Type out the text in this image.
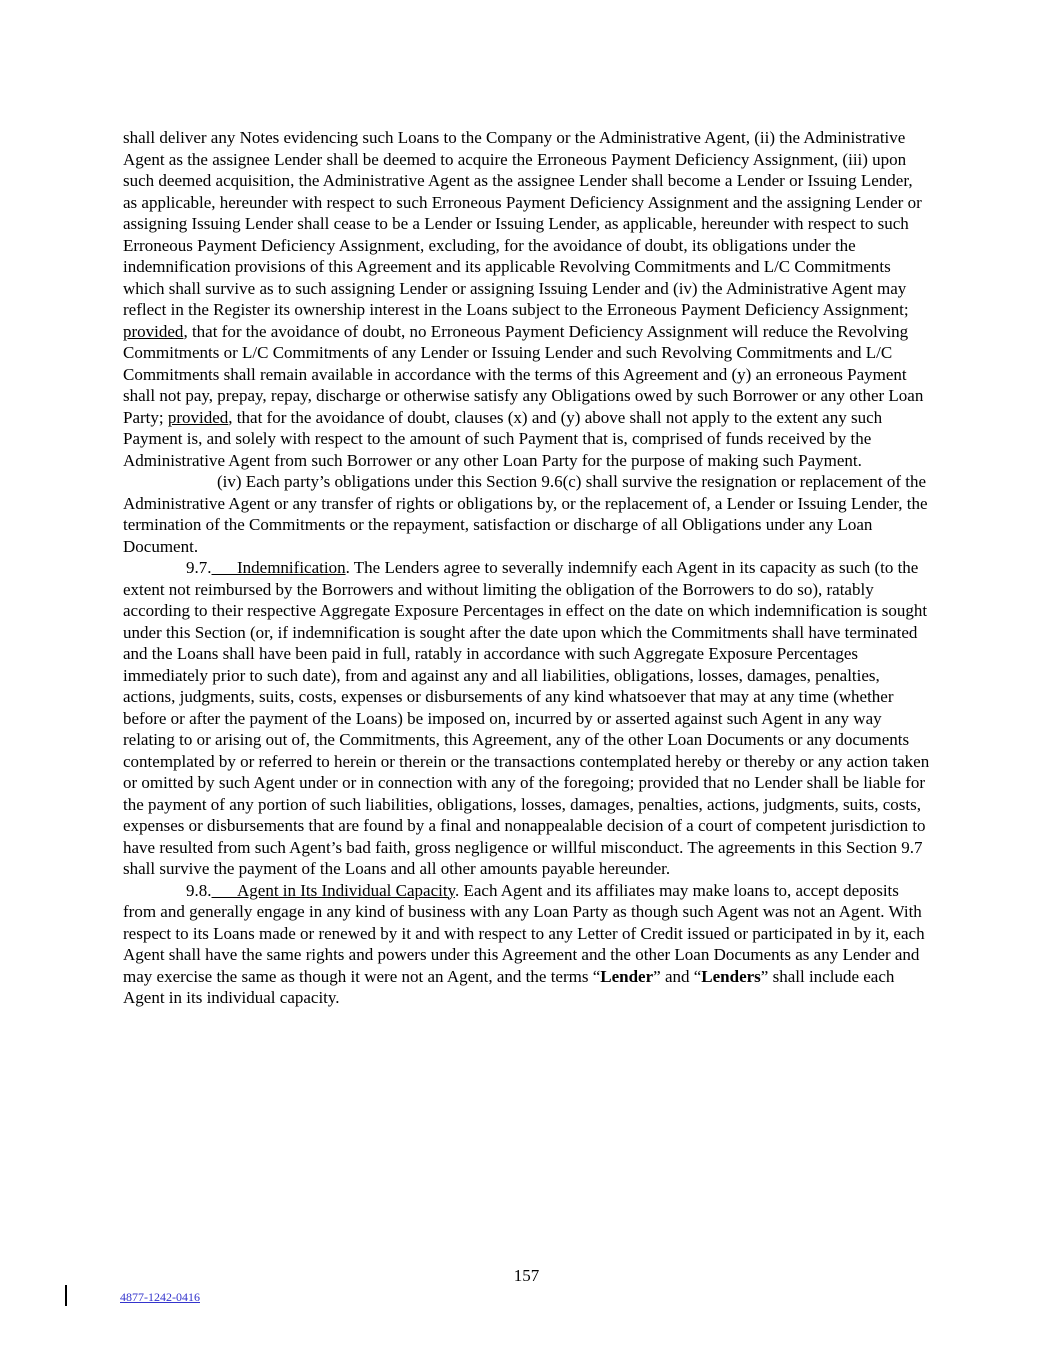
shall deliver any Notes evidencing such Loans to the Company or the Administrative Agent, (ii) the Administrative Agent as the assignee Lender shall be deemed to acquire the Erroneous Payment Deficiency Assignment, (iii) upon such deemed acquisition, the Administrative Agent as the assignee Lender shall become a Lender or Issuing Lender, as applicable, hereunder with respect to such Erroneous Payment Deficiency Assignment and the assigning Lender or assigning Issuing Lender shall cease to be a Lender or Issuing Lender, as applicable, hereunder with respect to such Erroneous Payment Deficiency Assignment, excluding, for the avoidance of doubt, its obligations under the indemnification provisions of this Agreement and its applicable Revolving Commitments and L/C Commitments which shall survive as to such assigning Lender or assigning Issuing Lender and (iv) the Administrative Agent may reflect in the Register its ownership interest in the Loans subject to the Erroneous Payment Deficiency Assignment; provided, that for the avoidance of doubt, no Erroneous Payment Deficiency Assignment will reduce the Revolving Commitments or L/C Commitments of any Lender or Issuing Lender and such Revolving Commitments and L/C Commitments shall remain available in accordance with the terms of this Agreement and (y) an erroneous Payment shall not pay, prepay, repay, discharge or otherwise satisfy any Obligations owed by such Borrower or any other Loan Party; provided, that for the avoidance of doubt, clauses (x) and (y) above shall not apply to the extent any such Payment is, and solely with respect to the amount of such Payment that is, comprised of funds received by the Administrative Agent from such Borrower or any other Loan Party for the purpose of making such Payment.

(iv) Each party’s obligations under this Section 9.6(c) shall survive the resignation or replacement of the Administrative Agent or any transfer of rights or obligations by, or the replacement of, a Lender or Issuing Lender, the termination of the Commitments or the repayment, satisfaction or discharge of all Obligations under any Loan Document.

9.7.      Indemnification. The Lenders agree to severally indemnify each Agent in its capacity as such (to the extent not reimbursed by the Borrowers and without limiting the obligation of the Borrowers to do so), ratably according to their respective Aggregate Exposure Percentages in effect on the date on which indemnification is sought under this Section (or, if indemnification is sought after the date upon which the Commitments shall have terminated and the Loans shall have been paid in full, ratably in accordance with such Aggregate Exposure Percentages immediately prior to such date), from and against any and all liabilities, obligations, losses, damages, penalties, actions, judgments, suits, costs, expenses or disbursements of any kind whatsoever that may at any time (whether before or after the payment of the Loans) be imposed on, incurred by or asserted against such Agent in any way relating to or arising out of, the Commitments, this Agreement, any of the other Loan Documents or any documents contemplated by or referred to herein or therein or the transactions contemplated hereby or thereby or any action taken or omitted by such Agent under or in connection with any of the foregoing; provided that no Lender shall be liable for the payment of any portion of such liabilities, obligations, losses, damages, penalties, actions, judgments, suits, costs, expenses or disbursements that are found by a final and nonappealable decision of a court of competent jurisdiction to have resulted from such Agent’s bad faith, gross negligence or willful misconduct. The agreements in this Section 9.7 shall survive the payment of the Loans and all other amounts payable hereunder.

9.8.      Agent in Its Individual Capacity. Each Agent and its affiliates may make loans to, accept deposits from and generally engage in any kind of business with any Loan Party as though such Agent was not an Agent. With respect to its Loans made or renewed by it and with respect to any Letter of Credit issued or participated in by it, each Agent shall have the same rights and powers under this Agreement and the other Loan Documents as any Lender and may exercise the same as though it were not an Agent, and the terms “Lender” and “Lenders” shall include each Agent in its individual capacity.

157
4877-1242-0416
